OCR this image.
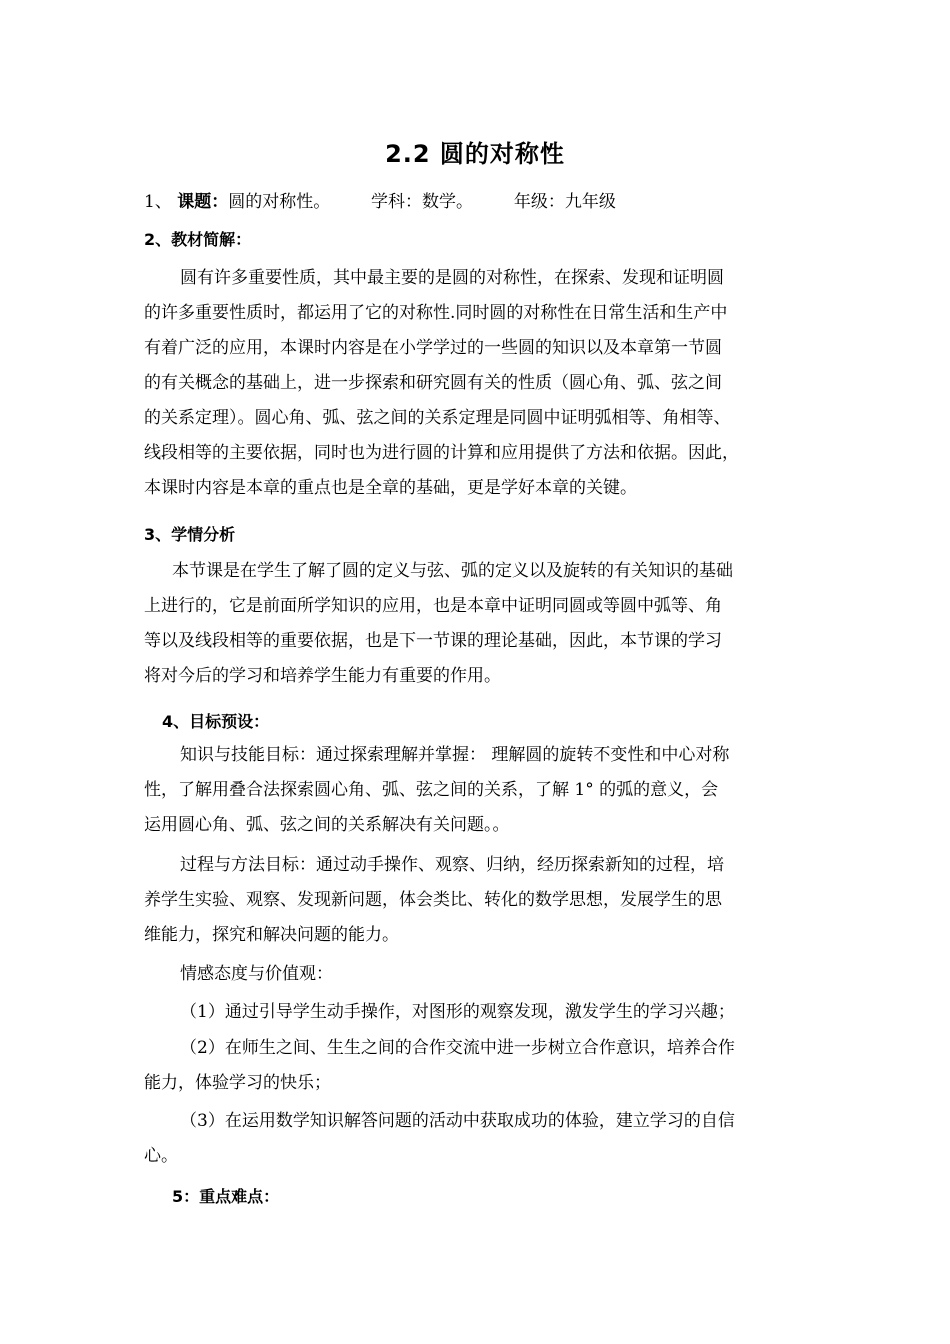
2.2 圆的对称性
1、 课题：圆的对称性。 学科：数学。 年级：九年级
2、教材简解：
圆有许多重要性质，其中最主要的是圆的对称性，在探索、发现和证明圆
的许多重要性质时，都运用了它的对称性.同时圆的对称性在日常生活和生产中
有着广泛的应用，本课时内容是在小学学过的一些圆的知识以及本章第一节圆
的有关概念的基础上，进一步探索和研究圆有关的性质（圆心角、弧、弦之间
的关系定理）。圆心角、弧、弦之间的关系定理是同圆中证明弧相等、角相等、
线段相等的主要依据，同时也为进行圆的计算和应用提供了方法和依据。因此，
本课时内容是本章的重点也是全章的基础，更是学好本章的关键。
3、学情分析
本节课是在学生了解了圆的定义与弦、弧的定义以及旋转的有关知识的基础
上进行的，它是前面所学知识的应用，也是本章中证明同圆或等圆中弧等、角
等以及线段相等的重要依据，也是下一节课的理论基础，因此，本节课的学习
将对今后的学习和培养学生能力有重要的作用。
4、目标预设：
知识与技能目标：通过探索理解并掌握： 理解圆的旋转不变性和中心对称
性，了解用叠合法探索圆心角、弧、弦之间的关系，了解 1° 的弧的意义，会
运用圆心角、弧、弦之间的关系解决有关问题。。
过程与方法目标：通过动手操作、观察、归纳，经历探索新知的过程，培
养学生实验、观察、发现新问题，体会类比、转化的数学思想，发展学生的思
维能力，探究和解决问题的能力。
情感态度与价值观：
（1）通过引导学生动手操作，对图形的观察发现，激发学生的学习兴趣；
（2）在师生之间、生生之间的合作交流中进一步树立合作意识，培养合作
能力，体验学习的快乐；
（3）在运用数学知识解答问题的活动中获取成功的体验，建立学习的自信
心。
5：重点难点：
